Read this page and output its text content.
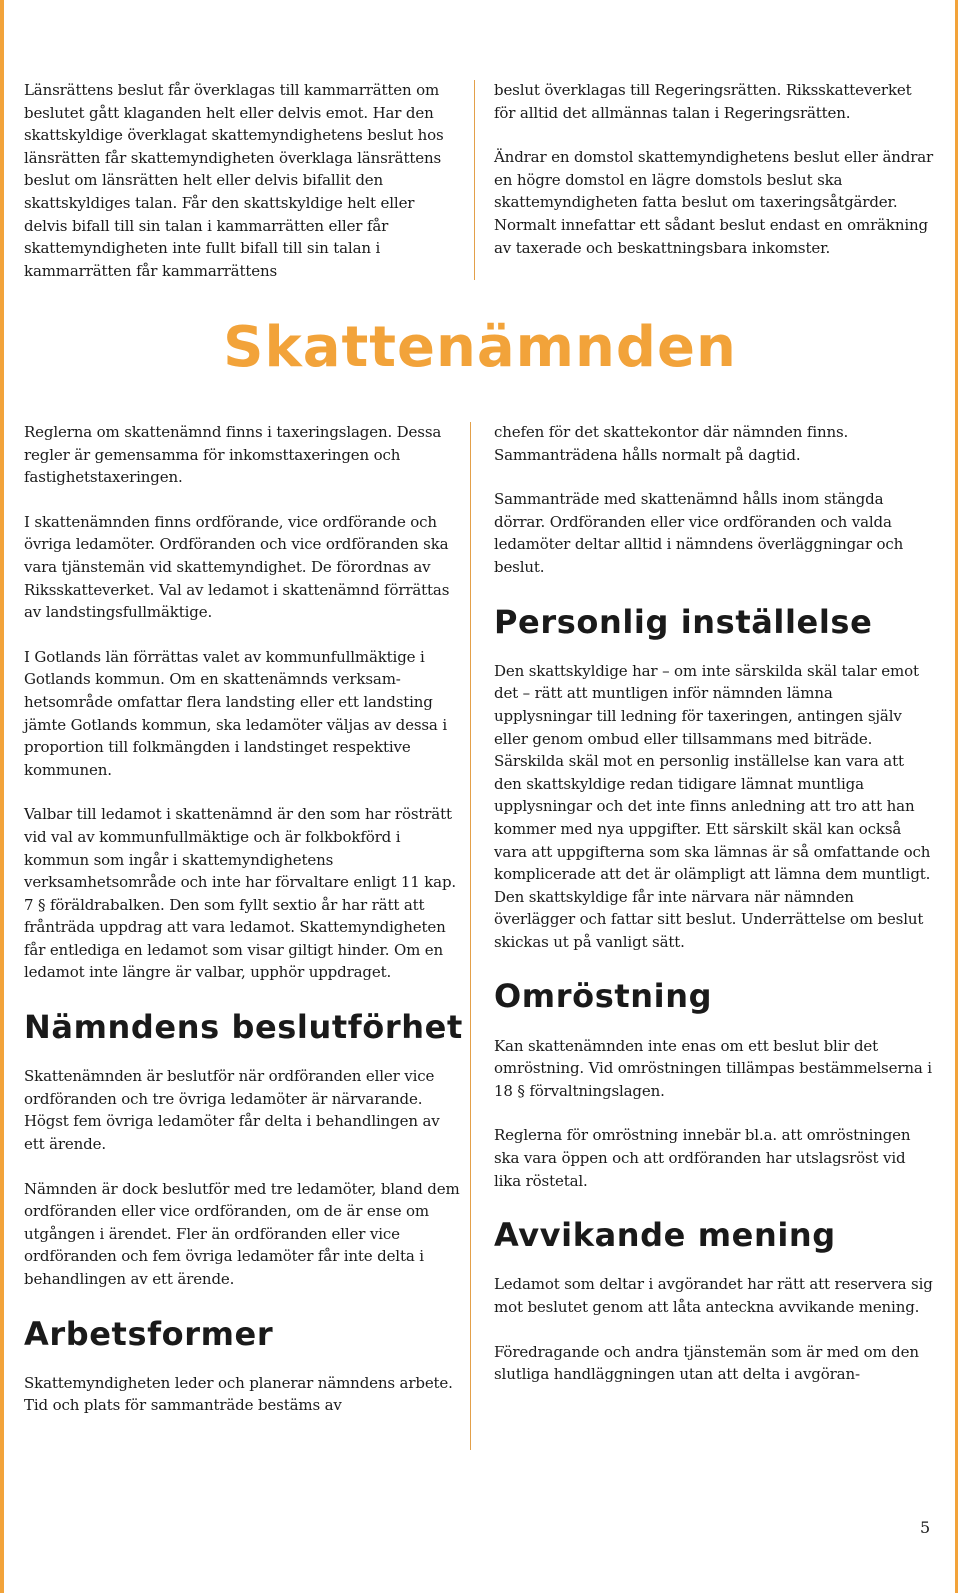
Länsrättens beslut får överklagas till kammarrätten om beslutet gått klaganden helt eller delvis emot. Har den skattskyldige överklagat skattemyndighetens beslut hos länsrätten får skattemyndigheten överklaga länsrättens beslut om länsrätten helt eller delvis bifallit den skattskyldiges talan. Får den skattskyldige helt eller delvis bifall till sin talan i kammarrätten eller får skattemyndigheten inte fullt bifall till sin talan i kammarrätten får kammarrättens

beslut överklagas till Regeringsrätten. Riksskatteverket för alltid det allmännas talan i Regeringsrätten.

Ändrar en domstol skattemyndighetens beslut eller ändrar en högre domstol en lägre domstols beslut ska skattemyndigheten fatta beslut om taxeringsåtgärder. Normalt innefattar ett sådant beslut endast en omräkning av taxerade och beskattningsbara inkomster.

Skattenämnden

Reglerna om skattenämnd finns i taxeringslagen. Dessa regler är gemensamma för inkomsttaxeringen och fastighetstaxeringen.

I skattenämnden finns ordförande, vice ordförande och övriga ledamöter. Ordföranden och vice ordföranden ska vara tjänstemän vid skattemyndighet. De förordnas av Riksskatteverket. Val av ledamot i skattenämnd förrättas av landstingsfullmäktige.

I Gotlands län förrättas valet av kommunfullmäktige i Gotlands kommun. Om en skattenämnds verksamhetsområde omfattar flera landsting eller ett landsting jämte Gotlands kommun, ska ledamöter väljas av dessa i proportion till folkmängden i landstinget respektive kommunen.

Valbar till ledamot i skattenämnd är den som har rösträtt vid val av kommunfullmäktige och är folkbokförd i kommun som ingår i skattemyndighetens verksamhetsområde och inte har förvaltare enligt 11 kap. 7 § föräldrabalken. Den som fyllt sextio år har rätt att frånträda uppdrag att vara ledamot. Skattemyndigheten får entlediga en ledamot som visar giltigt hinder. Om en ledamot inte längre är valbar, upphör uppdraget.

Nämndens beslutförhet

Skattenämnden är beslutför när ordföranden eller vice ordföranden och tre övriga ledamöter är närvarande. Högst fem övriga ledamöter får delta i behandlingen av ett ärende.

Nämnden är dock beslutför med tre ledamöter, bland dem ordföranden eller vice ordföranden, om de är ense om utgången i ärendet. Fler än ordföranden eller vice ordföranden och fem övriga ledamöter får inte delta i behandlingen av ett ärende.

Arbetsformer

Skattemyndigheten leder och planerar nämndens arbete. Tid och plats för sammanträde bestäms av

chefen för det skattekontor där nämnden finns. Sammanträdena hålls normalt på dagtid.

Sammanträde med skattenämnd hålls inom stängda dörrar. Ordföranden eller vice ordföranden och valda ledamöter deltar alltid i nämndens överläggningar och beslut.

Personlig inställelse

Den skattskyldige har – om inte särskilda skäl talar emot det – rätt att muntligen inför nämnden lämna upplysningar till ledning för taxeringen, antingen själv eller genom ombud eller tillsammans med biträde. Särskilda skäl mot en personlig inställelse kan vara att den skattskyldige redan tidigare lämnat muntliga upplysningar och det inte finns anledning att tro att han kommer med nya uppgifter. Ett särskilt skäl kan också vara att uppgifterna som ska lämnas är så omfattande och komplicerade att det är olämpligt att lämna dem muntligt. Den skattskyldige får inte närvara när nämnden överlägger och fattar sitt beslut. Underrättelse om beslut skickas ut på vanligt sätt.

Omröstning

Kan skattenämnden inte enas om ett beslut blir det omröstning. Vid omröstningen tillämpas bestämmelserna i 18 § förvaltningslagen.

Reglerna för omröstning innebär bl.a. att omröstningen ska vara öppen och att ordföranden har utslagsröst vid lika röstetal.

Avvikande mening

Ledamot som deltar i avgörandet har rätt att reservera sig mot beslutet genom att låta anteckna avvikande mening.

Föredragande och andra tjänstemän som är med om den slutliga handläggningen utan att delta i avgöran-

5
